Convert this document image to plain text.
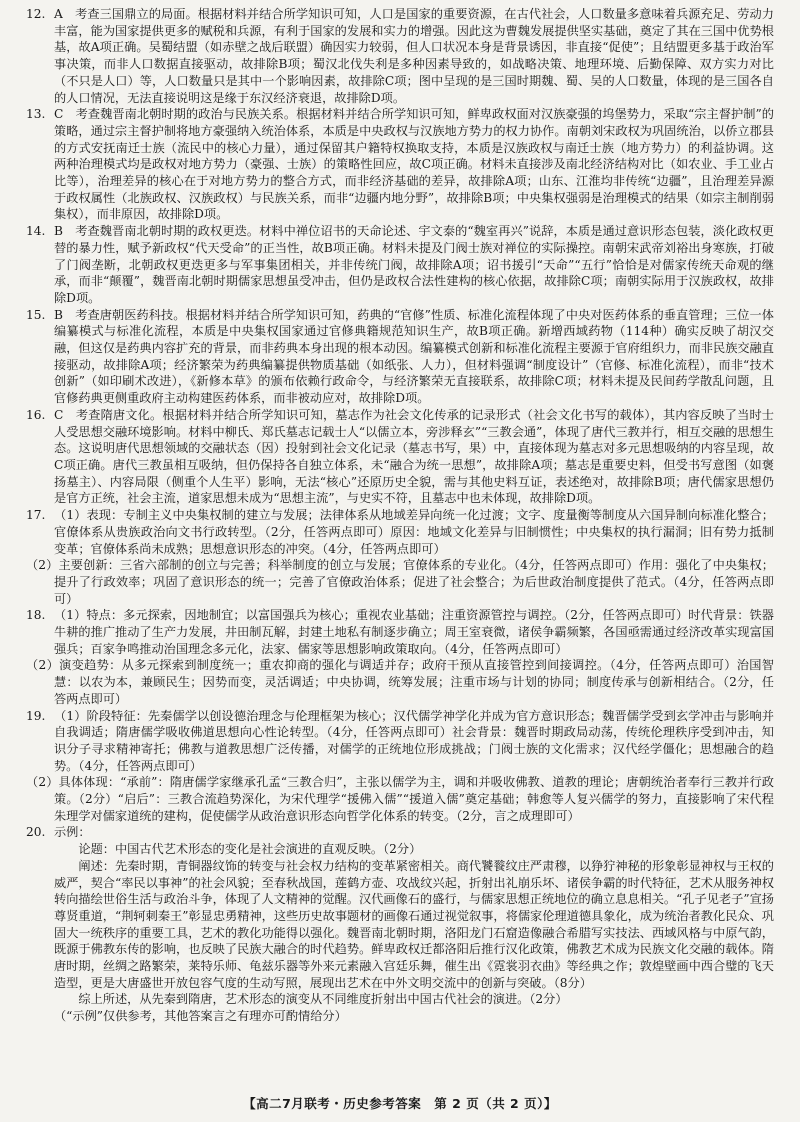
12. A　考查三国鼎立的局面。根据材料并结合所学知识可知，人口是国家的重要资源，在古代社会，人口数量多意味着兵源充足、劳动力丰富，能为国家提供更多的赋税和兵源，有利于国家的发展和实力的增强。因此这为曹魏发展提供坚实基础，奠定了其在三国中优势根基，故A项正确。吴蜀结盟（如赤壁之战后联盟）确因实力较弱，但人口状况本身是背景诱因，非直接“促使”；且结盟更多基于政治军事决策，而非人口数据直接驱动，故排除B项；蜀汉北伐失利是多种因素导致的，如战略决策、地理环境、后勤保障、双方实力对比（不只是人口）等，人口数量只是其中一个影响因素，故排除C项；图中呈现的是三国时期魏、蜀、吴的人口数量，体现的是三国各自的人口情况，无法直接说明这是缘于东汉经济衰退，故排除D项。
13. C　考查魏晋南北朝时期的政治与民族关系。根据材料并结合所学知识可知，鲜卑政权面对汉族豪强的坞堡势力，采取“宗主督护制”的策略，通过宗主督护制将地方豪强纳入统治体系，本质是中央政权与汉族地方势力的权力协作。南朝刘宋政权为巩固统治，以侨立郡县的方式安抚南迁士族（流民中的核心力量），通过保留其户籍特权换取支持，本质是汉族政权与南迁士族（地方势力）的利益协调。这两种治理模式均是政权对地方势力（豪强、士族）的策略性回应，故C项正确。材料未直接涉及南北经济结构对比（如农业、手工业占比等），治理差异的核心在于对地方势力的整合方式，而非经济基础的差异，故排除A项；山东、江淮均非传统“边疆”，且治理差异源于政权属性（北族政权、汉族政权）与民族关系，而非“边疆内地分野”，故排除B项；中央集权强弱是治理模式的结果（如宗主制削弱集权），而非原因，故排除D项。
14. B　考查魏晋南北朝时期的政权更迭。材料中禅位诏书的天命论述、宇文泰的“魏室再兴”说辞，本质是通过意识形态包装，淡化政权更替的暴力性，赋予新政权“代天受命”的正当性，故B项正确。材料未提及门阀士族对禅位的实际操控。南朝宋武帝刘裕出身寒族，打破了门阀垄断，北朝政权更迭更多与军事集团相关，并非传统门阀，故排除A项；诏书援引“天命”“五行”恰恰是对儒家传统天命观的继承，而非“颠覆”，魏晋南北朝时期儒家思想虽受冲击，但仍是政权合法性建构的核心依据，故排除C项；南朝实际用于汉族政权，故排除D项。
15. B　考查唐朝医药科技。根据材料并结合所学知识可知，药典的“官修”性质、标准化流程体现了中央对医药体系的垂直管理；三位一体编纂模式与标准化流程，本质是中央集权国家通过官修典籍规范知识生产，故B项正确。新增西域药物（114种）确实反映了胡汉交融，但这仅是药典内容扩充的背景，而非药典本身出现的根本动因。编纂模式创新和标准化流程主要源于官府组织力，而非民族交融直接驱动，故排除A项；经济繁荣为药典编纂提供物质基础（如纸张、人力），但材料强调“制度设计”（官修、标准化流程），而非“技术创新”（如印刷术改进），《新修本草》的颁布依赖行政命令，与经济繁荣无直接联系，故排除C项；材料未提及民间药学散乱问题，且官修药典更侧重政府主动构建医药体系，而非被动应对，故排除D项。
16. C　考查隋唐文化。根据材料并结合所学知识可知，墓志作为社会文化传承的记录形式（社会文化书写的载体），其内容反映了当时士人受思想交融环境影响。材料中柳氏、郑氏墓志记载士人“以儒立本，旁涉释玄”“三教会通”，体现了唐代三教并行，相互交融的思想生态。这说明唐代思想领域的交融状态（因）投射到社会文化记录（墓志书写，果）中，直接体现为墓志对多元思想吸纳的内容呈现，故C项正确。唐代三教虽相互吸纳，但仍保持各自独立体系，未“融合为统一思想”，故排除A项；墓志是重要史料，但受书写意图（如褒扬墓主）、内容局限（侧重个人生平）影响，无法“核心”还原历史全貌，需与其他史料互证，表述绝对，故排除B项；唐代儒家思想仍是官方正统，社会主流，道家思想未成为“思想主流”，与史实不符，且墓志中也未体现，故排除D项。
17. （1）表现：专制主义中央集权制的建立与发展；法律体系从地域差异向统一化过渡；文字、度量衡等制度从六国异制向标准化整合；官僚体系从贵族政治向文书行政转型。（2分，任答两点即可）原因：地域文化差异与旧制惯性；中央集权的执行漏洞；旧有势力抵制变革；官僚体系尚未成熟；思想意识形态的冲突。（4分，任答两点即可）
（2）主要创新：三省六部制的创立与完善；科举制度的创立与发展；官僚体系的专业化。（4分，任答两点即可）作用：强化了中央集权；提升了行政效率；巩固了意识形态的统一；完善了官僚政治体系；促进了社会整合；为后世政治制度提供了范式。（4分，任答两点即可）
18. （1）特点：多元探索，因地制宜；以富国强兵为核心；重视农业基础；注重资源管控与调控。（2分，任答两点即可）时代背景：铁器牛耕的推广推动了生产力发展，井田制瓦解，封建土地私有制逐步确立；周王室衰微，诸侯争霸频繁，各国亟需通过经济改革实现富国强兵；百家争鸣推动治国理念多元化，法家、儒家等思想影响政策取向。（4分，任答两点即可）
（2）演变趋势：从多元探索到制度统一；重农抑商的强化与调适并存；政府干预从直接管控到间接调控。（4分，任答两点即可）治国智慧：以农为本，兼顾民生；因势而变，灵活调适；中央协调，统筹发展；注重市场与计划的协同；制度传承与创新相结合。（2分，任答两点即可）
19. （1）阶段特征：先秦儒学以创设德治理念与伦理框架为核心；汉代儒学神学化并成为官方意识形态；魏晋儒学受到玄学冲击与影响并自我调适；隋唐儒学吸收佛道思想向心性论转型。（4分，任答两点即可）社会背景：魏晋时期政局动荡，传统伦理秩序受到冲击，知识分子寻求精神寄托；佛教与道教思想广泛传播，对儒学的正统地位形成挑战；门阀士族的文化需求；汉代经学僵化；思想融合的趋势。（4分，任答两点即可）
（2）具体体现：“承前”：隋唐儒学家继承孔孟“三教合归”，主张以儒学为主，调和并吸收佛教、道教的理论；唐朝统治者奉行三教并行政策。（2分）“启后”：三教合流趋势深化，为宋代理学“援佛入儒”“援道入儒”奠定基础；韩愈等人复兴儒学的努力，直接影响了宋代程朱理学对儒家道统的建构，促使儒学从政治意识形态向哲学化体系的转变。（2分，言之成理即可）
20. 示例：

论题：中国古代艺术形态的变化是社会演进的直观反映。（2分）

阐述：先秦时期，青铜器纹饰的转变与社会权力结构的变革紧密相关。商代饕餮纹庄严肃穆，以狰狞神秘的形象彰显神权与王权的威严，契合“率民以事神”的社会风貌；至春秋战国，莲鹤方壶、攻战纹兴起，折射出礼崩乐坏、诸侯争霸的时代特征，艺术从服务神权转向描绘世俗生活与政治斗争，体现了人文精神的觉醒。汉代画像石的盛行，与儒家思想正统地位的确立息息相关。“孔子见老子”宣扬尊贤重道，“荆轲刺秦王”彰显忠勇精神，这些历史故事题材的画像石通过视觉叙事，将儒家伦理道德具象化，成为统治者教化民众、巩固大一统秩序的重要工具，艺术的教化功能得以强化。魏晋南北朝时期，洛阳龙门石窟造像融合希腊写实技法、西域风格与中原气韵，既源于佛教东传的影响，也反映了民族大融合的时代趋势。鲜卑政权迁都洛阳后推行汉化政策，佛教艺术成为民族文化交融的载体。隋唐时期，丝绸之路繁荣，莱特乐师、龟兹乐器等外来元素融入宫廷乐舞，催生出《霓裳羽衣曲》等经典之作；敦煌壁画中西合璧的飞天造型，更是大唐盛世开放包容气度的生动写照，展现出艺术在中外文明交流中的创新与突破。（8分）

综上所述，从先秦到隋唐，艺术形态的演变从不同维度折射出中国古代社会的演进。（2分）

（“示例”仅供参考，其他答案言之有理亦可酌情给分）

【高二7月联考・历史参考答案　第 2 页（共 2 页）】
